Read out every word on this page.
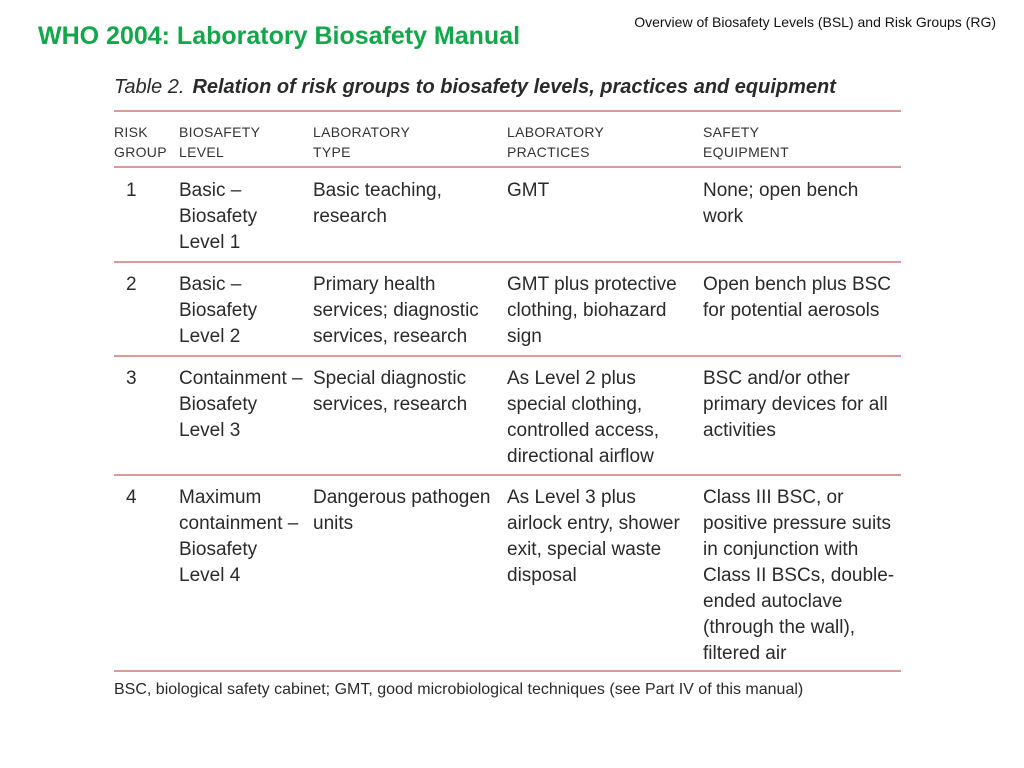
WHO 2004: Laboratory Biosafety Manual	Overview of Biosafety Levels (BSL) and Risk Groups (RG)
Table 2. Relation of risk groups to biosafety levels, practices and equipment
RISK
GROUP
BIOSAFETY
LEVEL
LABORATORY
TYPE
LABORATORY
PRACTICES
SAFETY
EQUIPMENT
1 Basic –
Biosafety
Level 1
Basic teaching,
research
GMT	None; open bench
work
2 Basic –
Biosafety
Level 2
Primary health
services; diagnostic
services, research
GMT plus protective
clothing, biohazard
sign
Open bench plus BSC
for potential aerosols
3 Containment –
Biosafety
Level 3
Special diagnostic
services, research
As Level 2 plus
special clothing,
controlled access,
directional airflow
BSC and/or other
primary devices for all
activities
4 Maximum
containment –
Biosafety
Level 4
Dangerous pathogen
units
As Level 3 plus
airlock entry, shower
exit, special waste
disposal
Class III BSC, or
positive pressure suits
in conjunction with
Class II BSCs, double-
ended autoclave
(through the wall),
filtered air
BSC, biological safety cabinet; GMT, good microbiological techniques (see Part IV of this manual)
